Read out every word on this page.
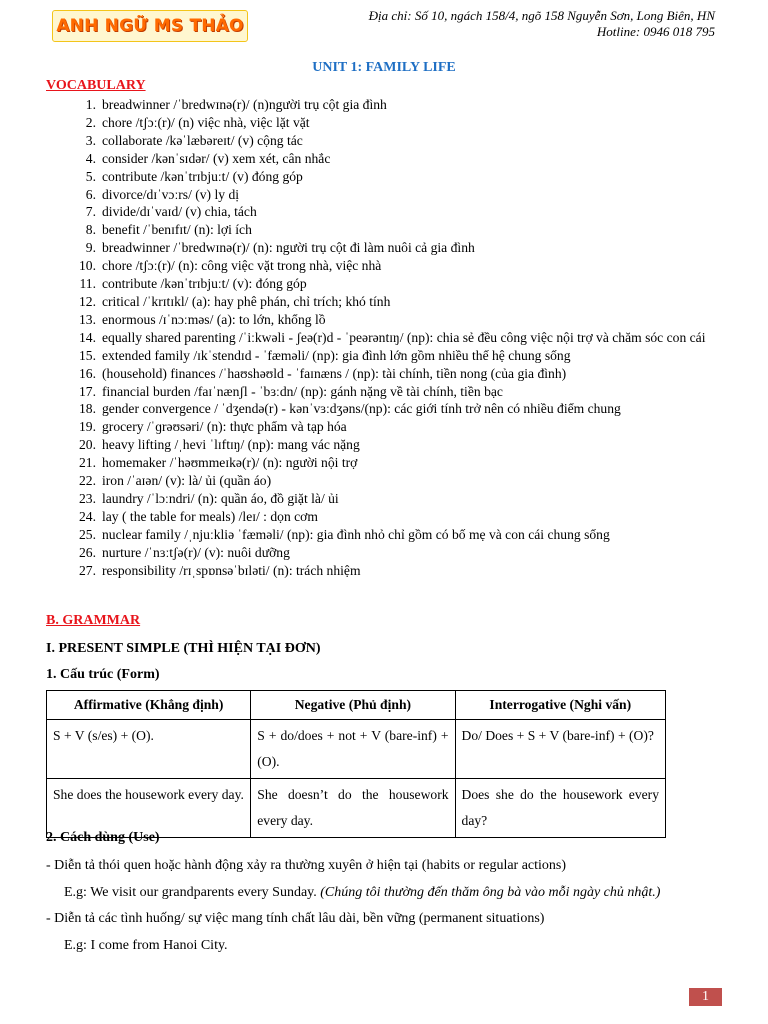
ANH NGỮ MS THẢO
Địa chỉ: Số 10, ngách 158/4, ngõ 158 Nguyễn Sơn, Long Biên, HN
Hotline: 0946 018 795
UNIT 1: FAMILY LIFE
VOCABULARY
1. breadwinner /ˈbredwɪnə(r)/ (n)người trụ cột gia đình
2. chore /tʃɔː(r)/ (n) việc nhà, việc lặt vặt
3. collaborate /kəˈlæbəreɪt/ (v) cộng tác
4. consider /kənˈsɪdər/ (v) xem xét, cân nhắc
5. contribute /kənˈtrɪbjuːt/ (v) đóng góp
6. divorce/dɪˈvɔːrs/ (v) ly dị
7. divide/dɪˈvaɪd/ (v) chia, tách
8. benefit /ˈbenɪfɪt/ (n): lợi ích
9. breadwinner /ˈbredwɪnə(r)/ (n): người trụ cột đi làm nuôi cả gia đình
10. chore /tʃɔː(r)/ (n): công việc vặt trong nhà, việc nhà
11. contribute /kənˈtrɪbjuːt/ (v): đóng góp
12. critical /ˈkrɪtɪkl/ (a): hay phê phán, chỉ trích; khó tính
13. enormous /ɪˈnɔːməs/ (a): to lớn, khổng lồ
14. equally shared parenting /ˈiːkwəli - ʃeə(r)d - ˈpeərəntɪŋ/ (np): chia sẻ đều công việc nội trợ và chăm sóc con cái
15. extended family /ɪkˈstendɪd - ˈfæməli/ (np): gia đình lớn gồm nhiều thế hệ chung sống
16. (household) finances /ˈhaʊshəʊld - ˈfaɪnæns / (np): tài chính, tiền nong (của gia đình)
17. financial burden /faɪˈnænʃl - ˈbɜːdn/ (np): gánh nặng về tài chính, tiền bạc
18. gender convergence / ˈdʒendə(r) - kənˈvɜːdʒəns/(np): các giới tính trở nên có nhiều điểm chung
19. grocery /ˈɡrəʊsəri/ (n): thực phẩm và tạp hóa
20. heavy lifting /ˌhevi ˈlɪftɪŋ/ (np): mang vác nặng
21. homemaker /ˈhəʊmmeɪkə(r)/ (n): người nội trợ
22. iron /ˈaɪən/ (v): là/ ủi (quần áo)
23. laundry /ˈlɔːndri/ (n): quần áo, đồ giặt là/ ủi
24. lay ( the table for meals) /leɪ/ : dọn cơm
25. nuclear family /ˌnjuːkliə ˈfæməli/ (np): gia đình nhỏ chỉ gồm có bố mẹ và con cái chung sống
26. nurture /ˈnɜːtʃə(r)/ (v): nuôi dưỡng
27. responsibility /rɪˌspɒnsəˈbɪləti/ (n): trách nhiệm
B. GRAMMAR
I. PRESENT SIMPLE (THÌ HIỆN TẠI ĐƠN)
1. Cấu trúc (Form)
Affirmative (Khẳng định)	Negative (Phủ định)	Interrogative (Nghi vấn)
S + V (s/es) + (O).	S + do/does + not + V (bare-inf) + (O).	Do/ Does + S + V (bare-inf) + (O)?
She does the housework every day.	She doesn’t do the housework every day.	Does she do the housework every day?
2. Cách dùng (Use)
- Diễn tả thói quen hoặc hành động xảy ra thường xuyên ở hiện tại (habits or regular actions)
E.g: We visit our grandparents every Sunday. (Chúng tôi thường đến thăm ông bà vào mỗi ngày chủ nhật.)
- Diễn tả các tình huống/ sự việc mang tính chất lâu dài, bền vững (permanent situations)
E.g: I come from Hanoi City.
1
